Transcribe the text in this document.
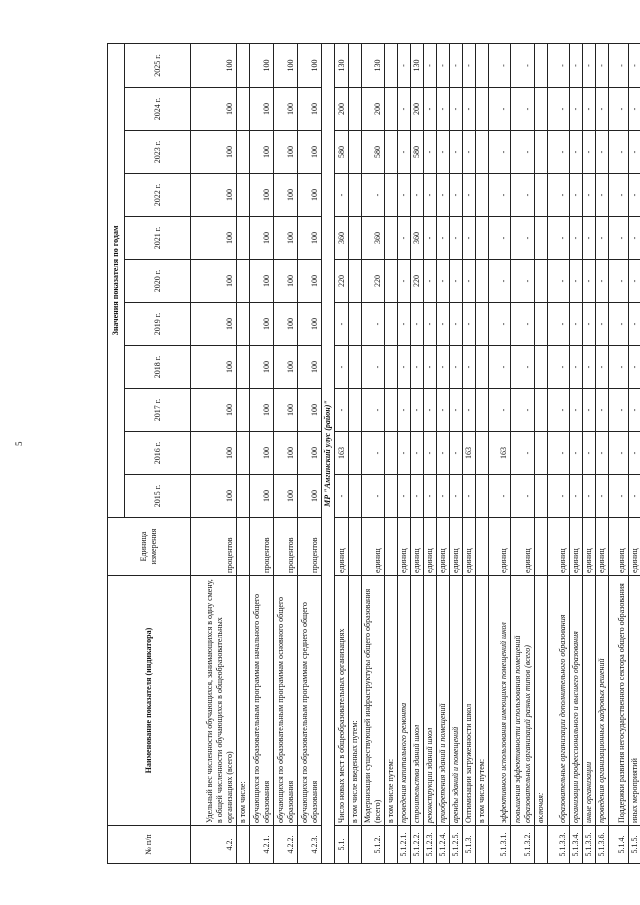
5
№ п/п	Наименование показателя (индикатора)	Единица измерения	Значения показателя по годам										
			2015 г.	2016 г.	2017 г.	2018 г.	2019 г.	2020 г.	2021 г.	2022 г.	2023 г.	2024 г.	2025 г.
4.2.	Удельный вес численности обучающихся, занимающихся в одну смену, в общей численности обучающихся в общеобразовательных организациях (всего)	процентов	100	100	100	100	100	100	100	100	100	100	100
	в том числе:												
4.2.1.	обучающихся по образовательным программам начального общего образования	процентов	100	100	100	100	100	100	100	100	100	100	100
4.2.2.	обучающихся по образовательным программам основного общего образования	процентов	100	100	100	100	100	100	100	100	100	100	100
4.2.3.	обучающихся по образовательным программам среднего общего образования	процентов	100	100	100	100	100	100	100	100	100	100	100
МР "Амгинский улус (район)"													
5.1.	Число новых мест в общеобразовательных организациях	единиц	-	163	-	-	-	220	360	-	580	200	130
	в том числе введенных путем:												
5.1.2.	Модернизации существующей инфраструктуры общего образования (всего)	единиц	-	-	-	-	-	220	360	-	580	200	130
	в том числе путем:												
5.1.2.1.	проведения капитального ремонта	единиц	-	-	-	-	-	-	-	-	-	-	-
5.1.2.2.	строительства зданий школ	единиц	-	-	-	-	-	220	360	-	580	200	130
5.1.2.3.	реконструкции зданий школ	единиц	-	-	-	-	-	-	-	-	-	-	-
5.1.2.4.	приобретения зданий и помещений	единиц	-	-	-	-	-	-	-	-	-	-	-
5.1.2.5.	аренды зданий и помещений	единиц	-	-	-	-	-	-	-	-	-	-	-
5.1.3.	Оптимизации загруженности школ	единиц	-	163	-	-	-	-	-	-	-	-	-
	в том числе путем:												
5.1.3.1.	эффективного использования имеющихся помещений школ	единиц	-	163	-	-	-	-	-	-	-	-	-
5.1.3.2.	повышения эффективности использования помещений образовательных организаций разных типов (всего)	единиц	-	-	-	-	-	-	-	-	-	-	-
	включая:												
5.1.3.3.	образовательные организации дополнительного образования	единиц	-	-	-	-	-	-	-	-	-	-	-
5.1.3.4.	организации профессионального и высшего образования	единиц	-	-	-	-	-	-	-	-	-	-	-
5.1.3.5.	иные организации	единиц	-	-	-	-	-	-	-	-	-	-	-
5.1.3.6.	проведения организационных кадровых решений	единиц	-	-	-	-	-	-	-	-	-	-	-
5.1.4.	Поддержки развития негосударственного сектора общего образования	единиц	-	-	-	-	-	-	-	-	-	-	-
5.1.5.	иных мероприятий	единиц	-	-	-	-	-	-	-	-	-	-	-
